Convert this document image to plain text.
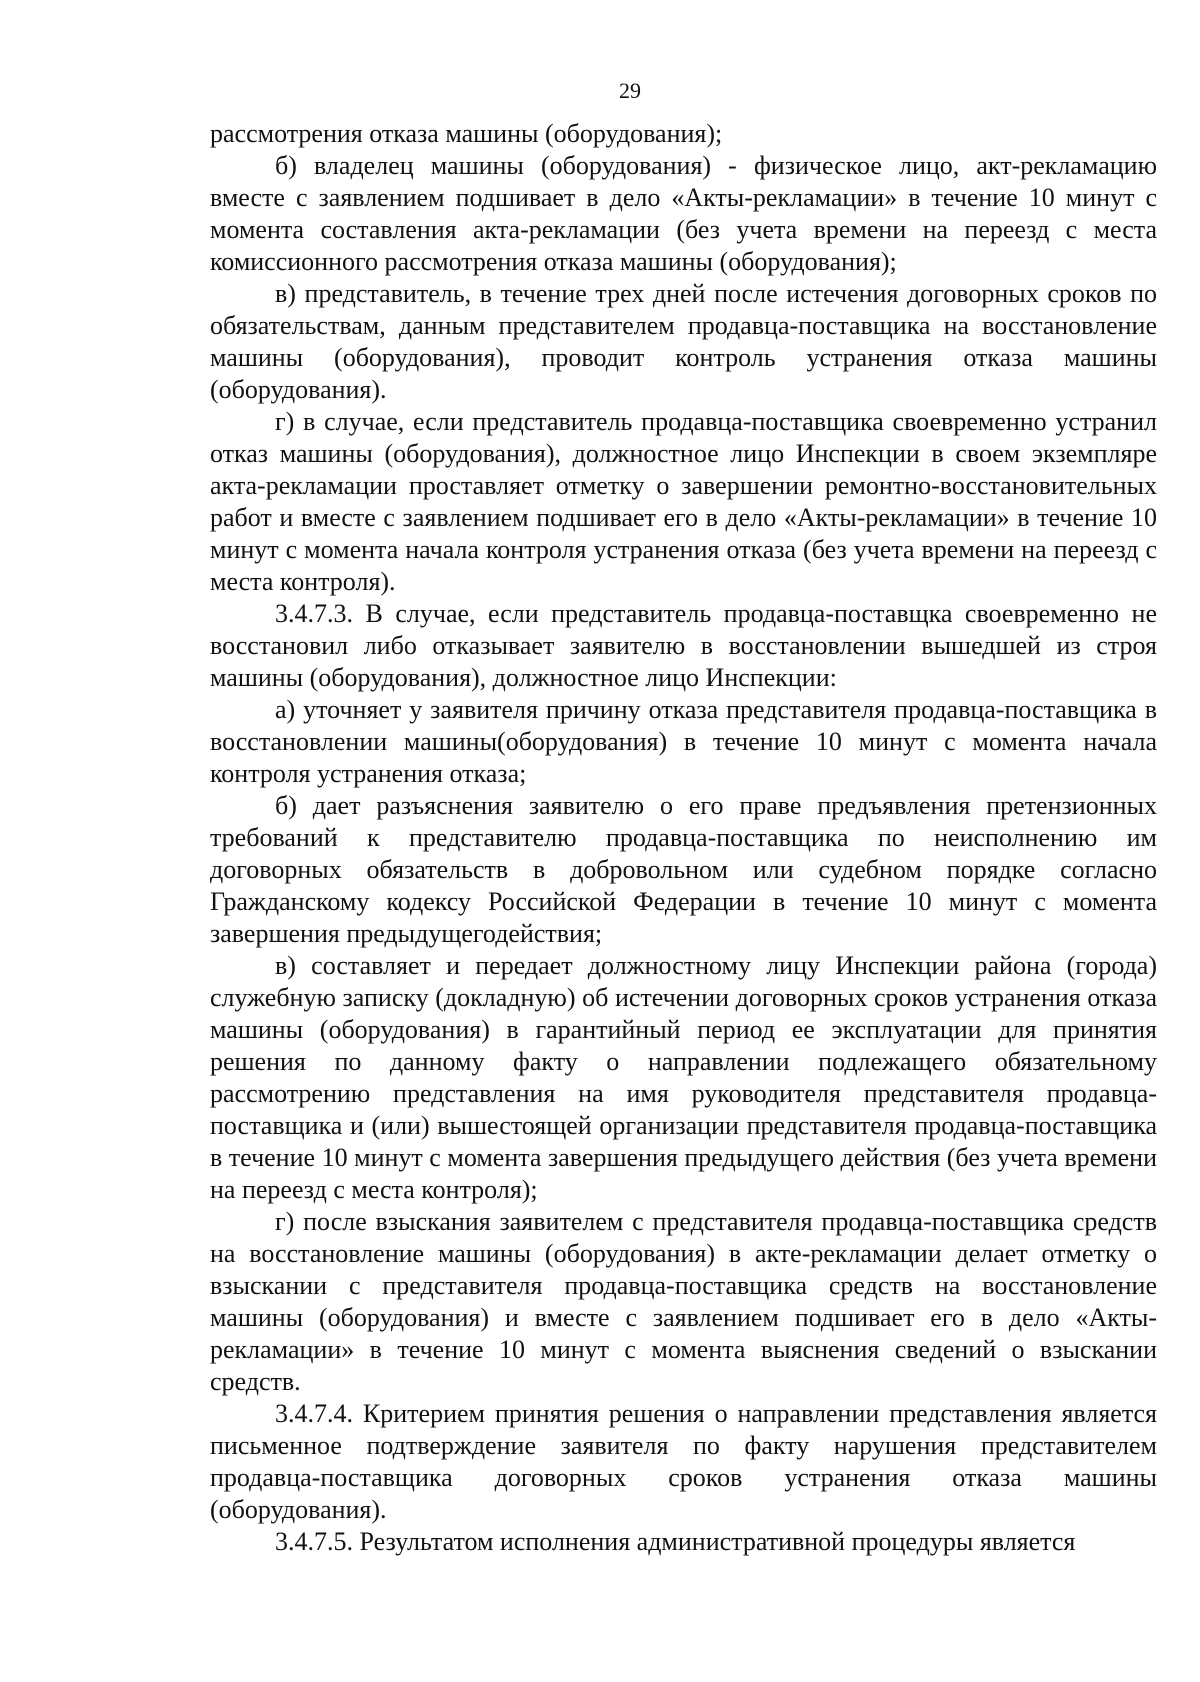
29

рассмотрения отказа машины (оборудования);

б) владелец машины (оборудования) - физическое лицо, акт-рекламацию вместе с заявлением подшивает в дело «Акты-рекламации» в течение 10 минут с момента составления акта-рекламации (без учета времени на переезд с места комиссионного рассмотрения отказа машины (оборудования);

в) представитель, в течение трех дней после истечения договорных сроков по обязательствам, данным представителем продавца-поставщика на восстановление машины (оборудования), проводит контроль устранения отказа машины (оборудования).

г) в случае, если представитель продавца-поставщика своевременно устранил отказ машины (оборудования), должностное лицо Инспекции в своем экземпляре акта-рекламации проставляет отметку о завершении ремонтно-восстановительных работ и вместе с заявлением подшивает его в дело «Акты-рекламации» в течение 10 минут с момента начала контроля устранения отказа (без учета времени на переезд с места контроля).

3.4.7.3. В случае, если представитель продавца-поставщка своевременно не восстановил либо отказывает заявителю в восстановлении вышедшей из строя машины (оборудования), должностное лицо Инспекции:

а) уточняет у заявителя причину отказа представителя продавца-поставщика в восстановлении машины(оборудования) в течение 10 минут с момента начала контроля устранения отказа;

б) дает разъяснения заявителю о его праве предъявления претензионных требований к представителю продавца-поставщика по неисполнению им договорных обязательств в добровольном или судебном порядке согласно Гражданскому кодексу Российской Федерации в течение 10 минут с момента завершения предыдущегодействия;

в) составляет и передает должностному лицу Инспекции района (города) служебную записку (докладную) об истечении договорных сроков устранения отказа машины (оборудования) в гарантийный период ее эксплуатации для принятия решения по данному факту о направлении подлежащего обязательному рассмотрению представления на имя руководителя представителя продавца-поставщика и (или) вышестоящей организации представителя продавца-поставщика в течение 10 минут с момента завершения предыдущего действия (без учета времени на переезд с места контроля);

г) после взыскания заявителем с представителя продавца-поставщика средств на восстановление машины (оборудования) в акте-рекламации делает отметку о взыскании с представителя продавца-поставщика средств на восстановление машины (оборудования) и вместе с заявлением подшивает его в дело «Акты-рекламации» в течение 10 минут с момента выяснения сведений о взыскании средств.

3.4.7.4. Критерием принятия решения о направлении представления является письменное подтверждение заявителя по факту нарушения представителем продавца-поставщика договорных сроков устранения отказа машины (оборудования).

3.4.7.5. Результатом исполнения административной процедуры является
